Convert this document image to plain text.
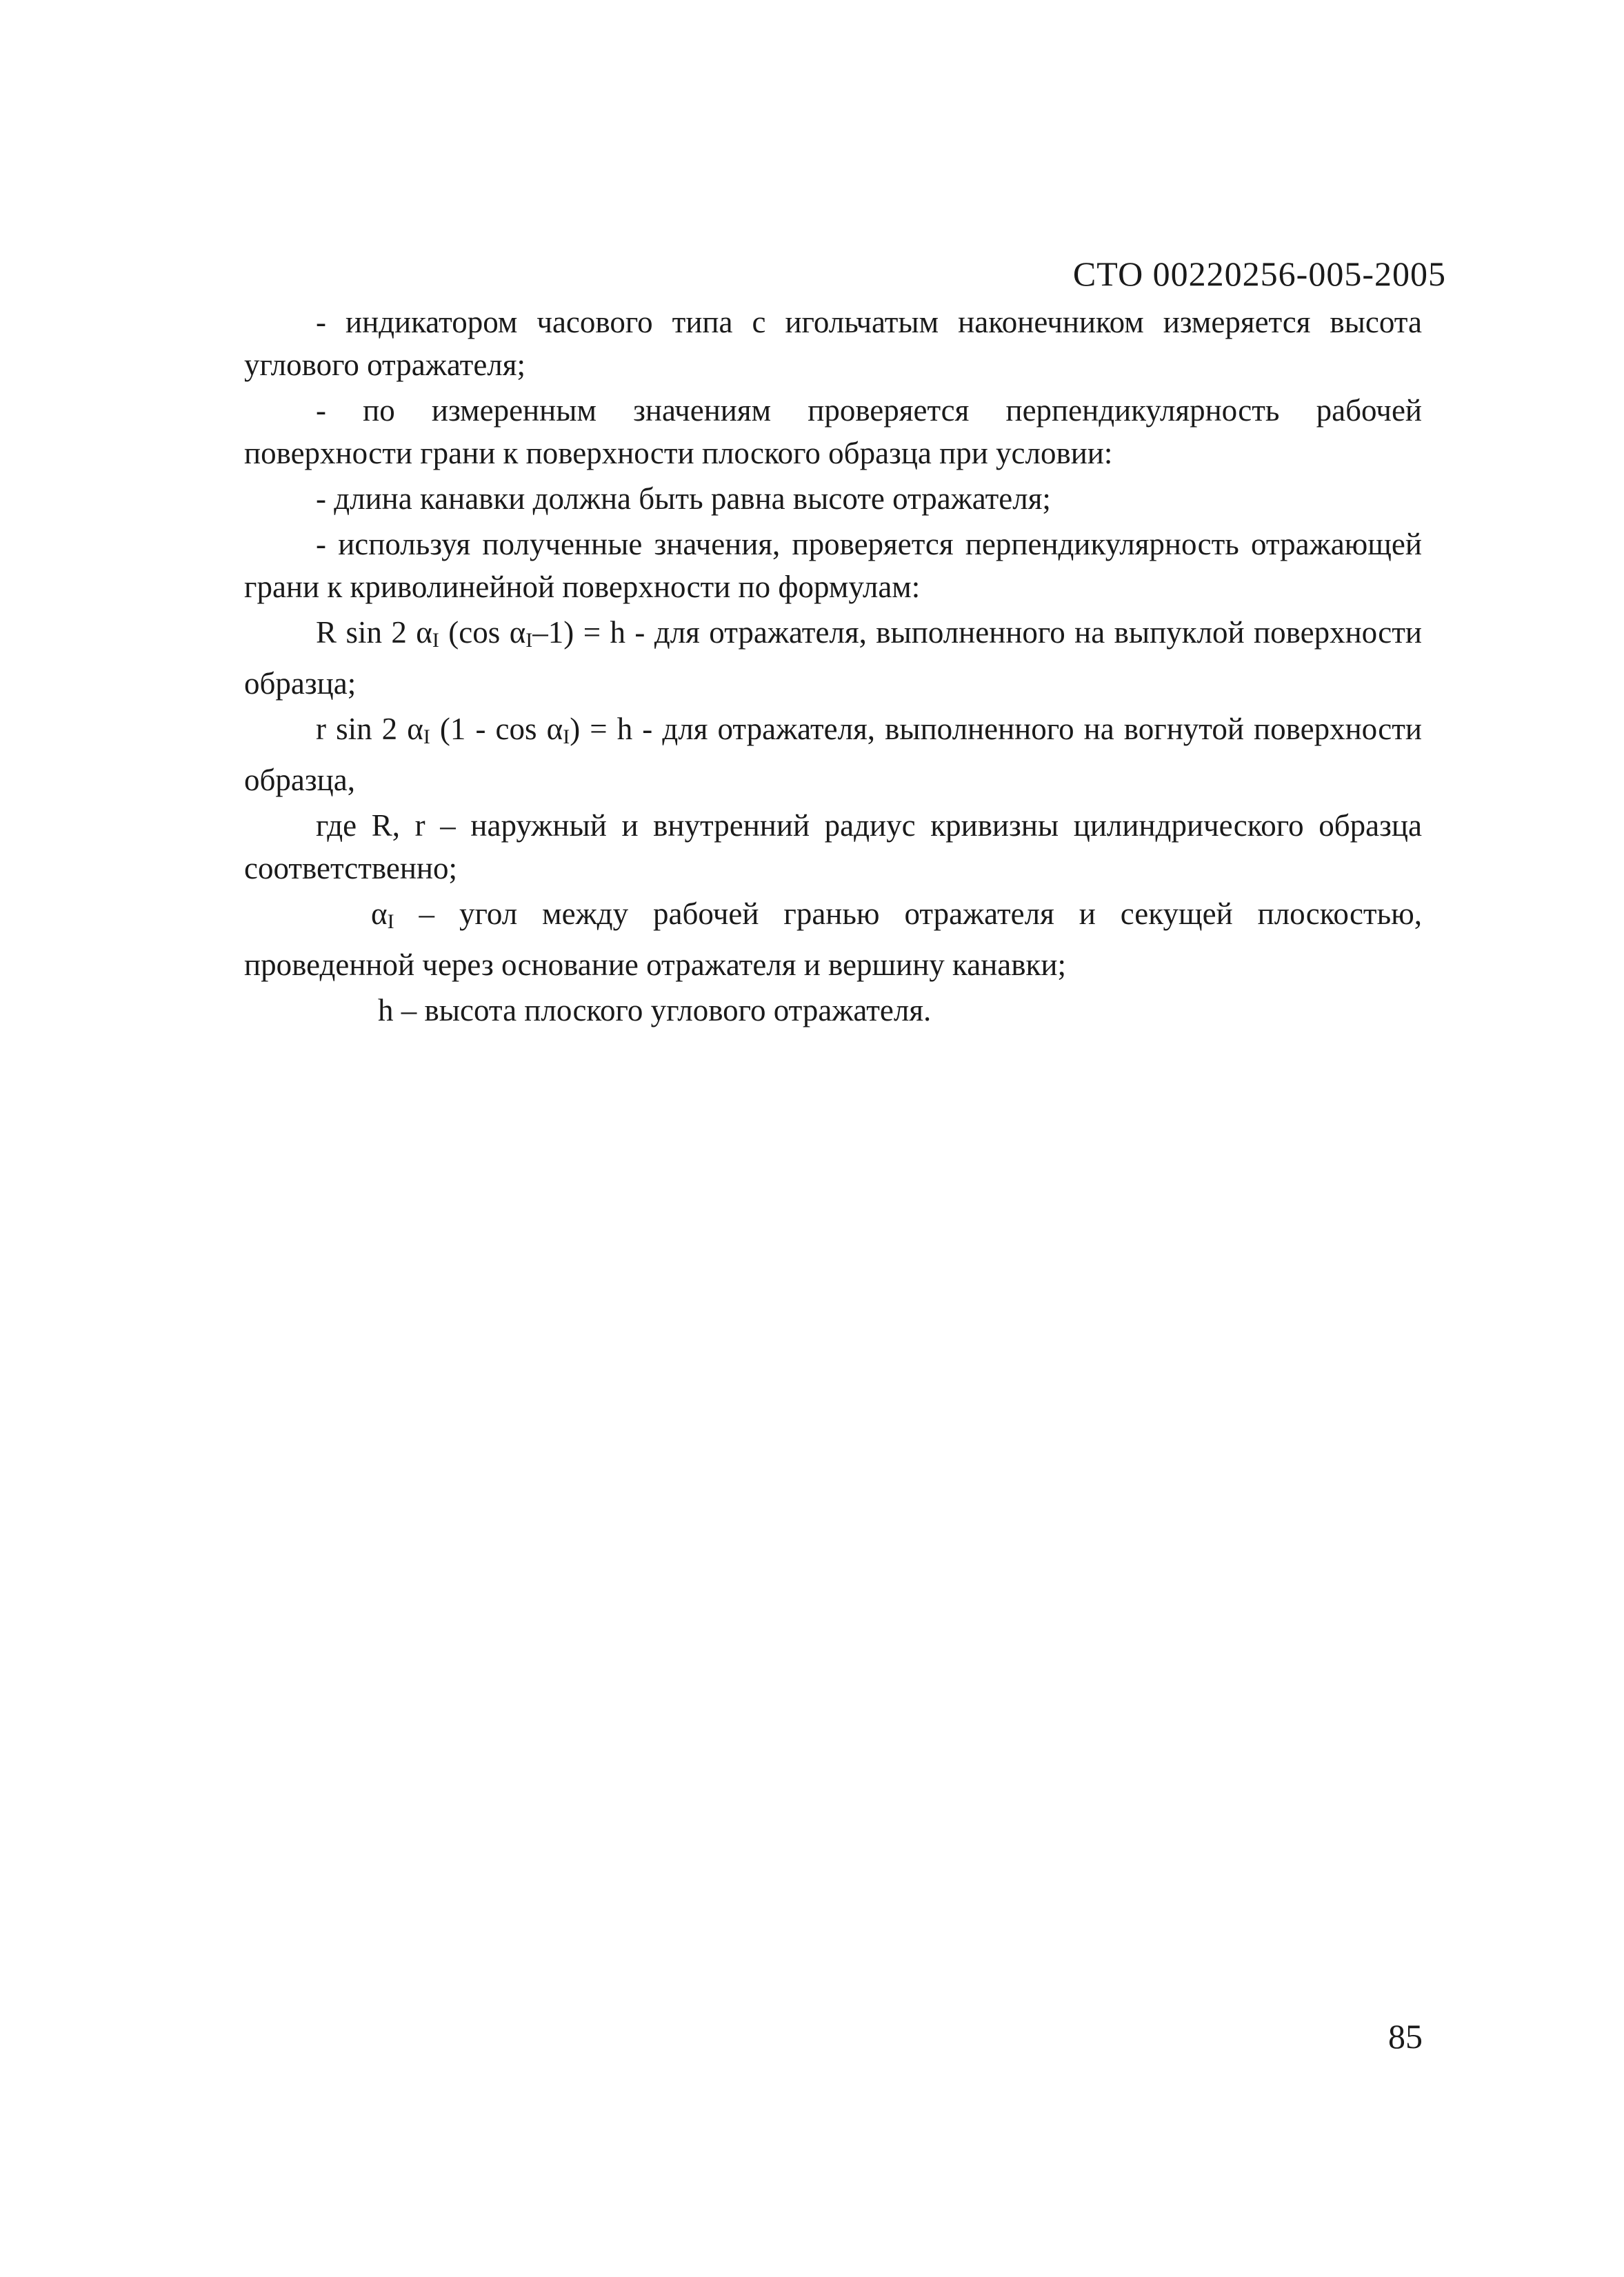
СТО 00220256-005-2005

- индикатором часового типа с игольчатым наконечником измеряется высота углового отражателя;

- по измеренным значениям проверяется перпендикулярность рабочей поверхности грани к поверхности плоского образца при условии:

- длина канавки должна быть равна высоте отражателя;

- используя полученные значения, проверяется перпендикулярность отражающей грани к криволинейной поверхности по формулам:

R sin 2 $\alpha_I$ (cos $\alpha_I-1) = h$ - для отражателя, выполненного на выпуклой поверхности образца;

r sin 2 $\alpha_I$ $(1 - \cos \alpha_I) = h$ - для отражателя, выполненного на вогнутой поверхности образца,

где R, r – наружный и внутренний радиус кривизны цилиндрического образца соответственно;

$\alpha_I$ – угол между рабочей гранью отражателя и секущей плоскостью, проведенной через основание отражателя и вершину канавки;

h – высота плоского углового отражателя.

85
